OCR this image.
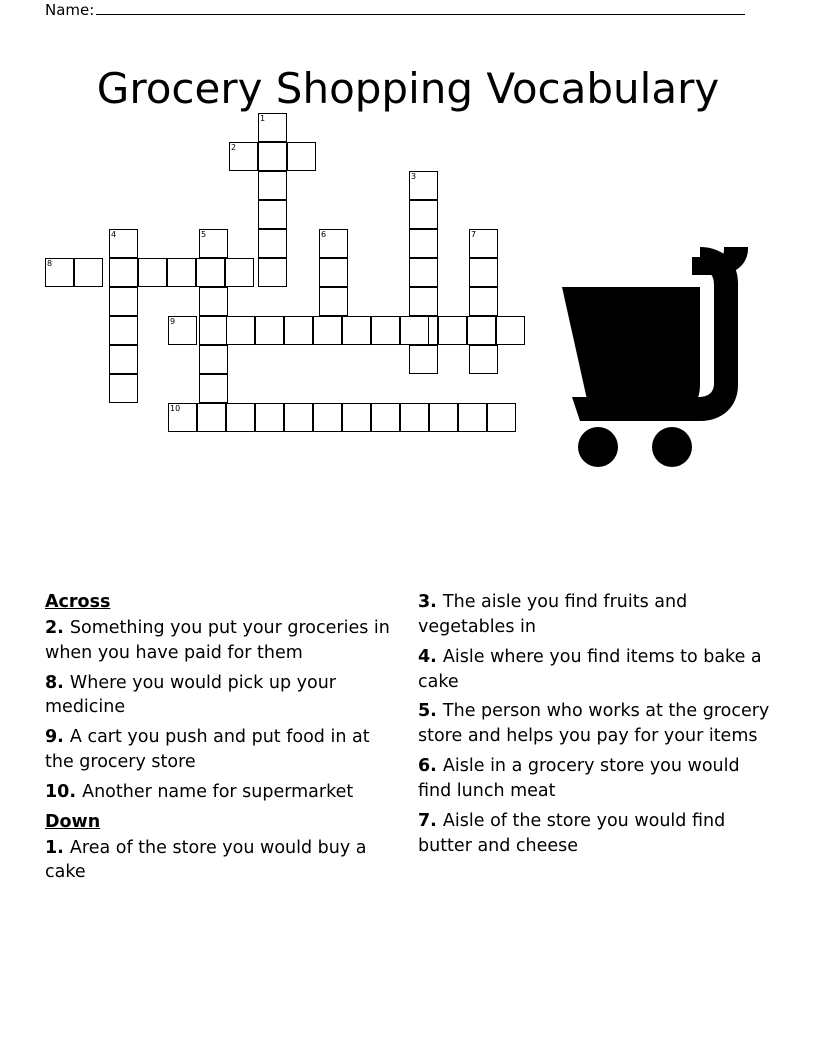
Name:
Grocery Shopping Vocabulary
1
2
3
4	5	6	7
8
9
10

Across

2. Something you put your groceries in when you have paid for them

8. Where you would pick up your medicine

9. A cart you push and put food in at the grocery store

10. Another name for supermarket

Down

1. Area of the store you would buy a cake

3. The aisle you find fruits and vegetables in

4. Aisle where you find items to bake a cake

5. The person who works at the grocery store and helps you pay for your items

6. Aisle in a grocery store you would find lunch meat

7. Aisle of the store you would find butter and cheese
